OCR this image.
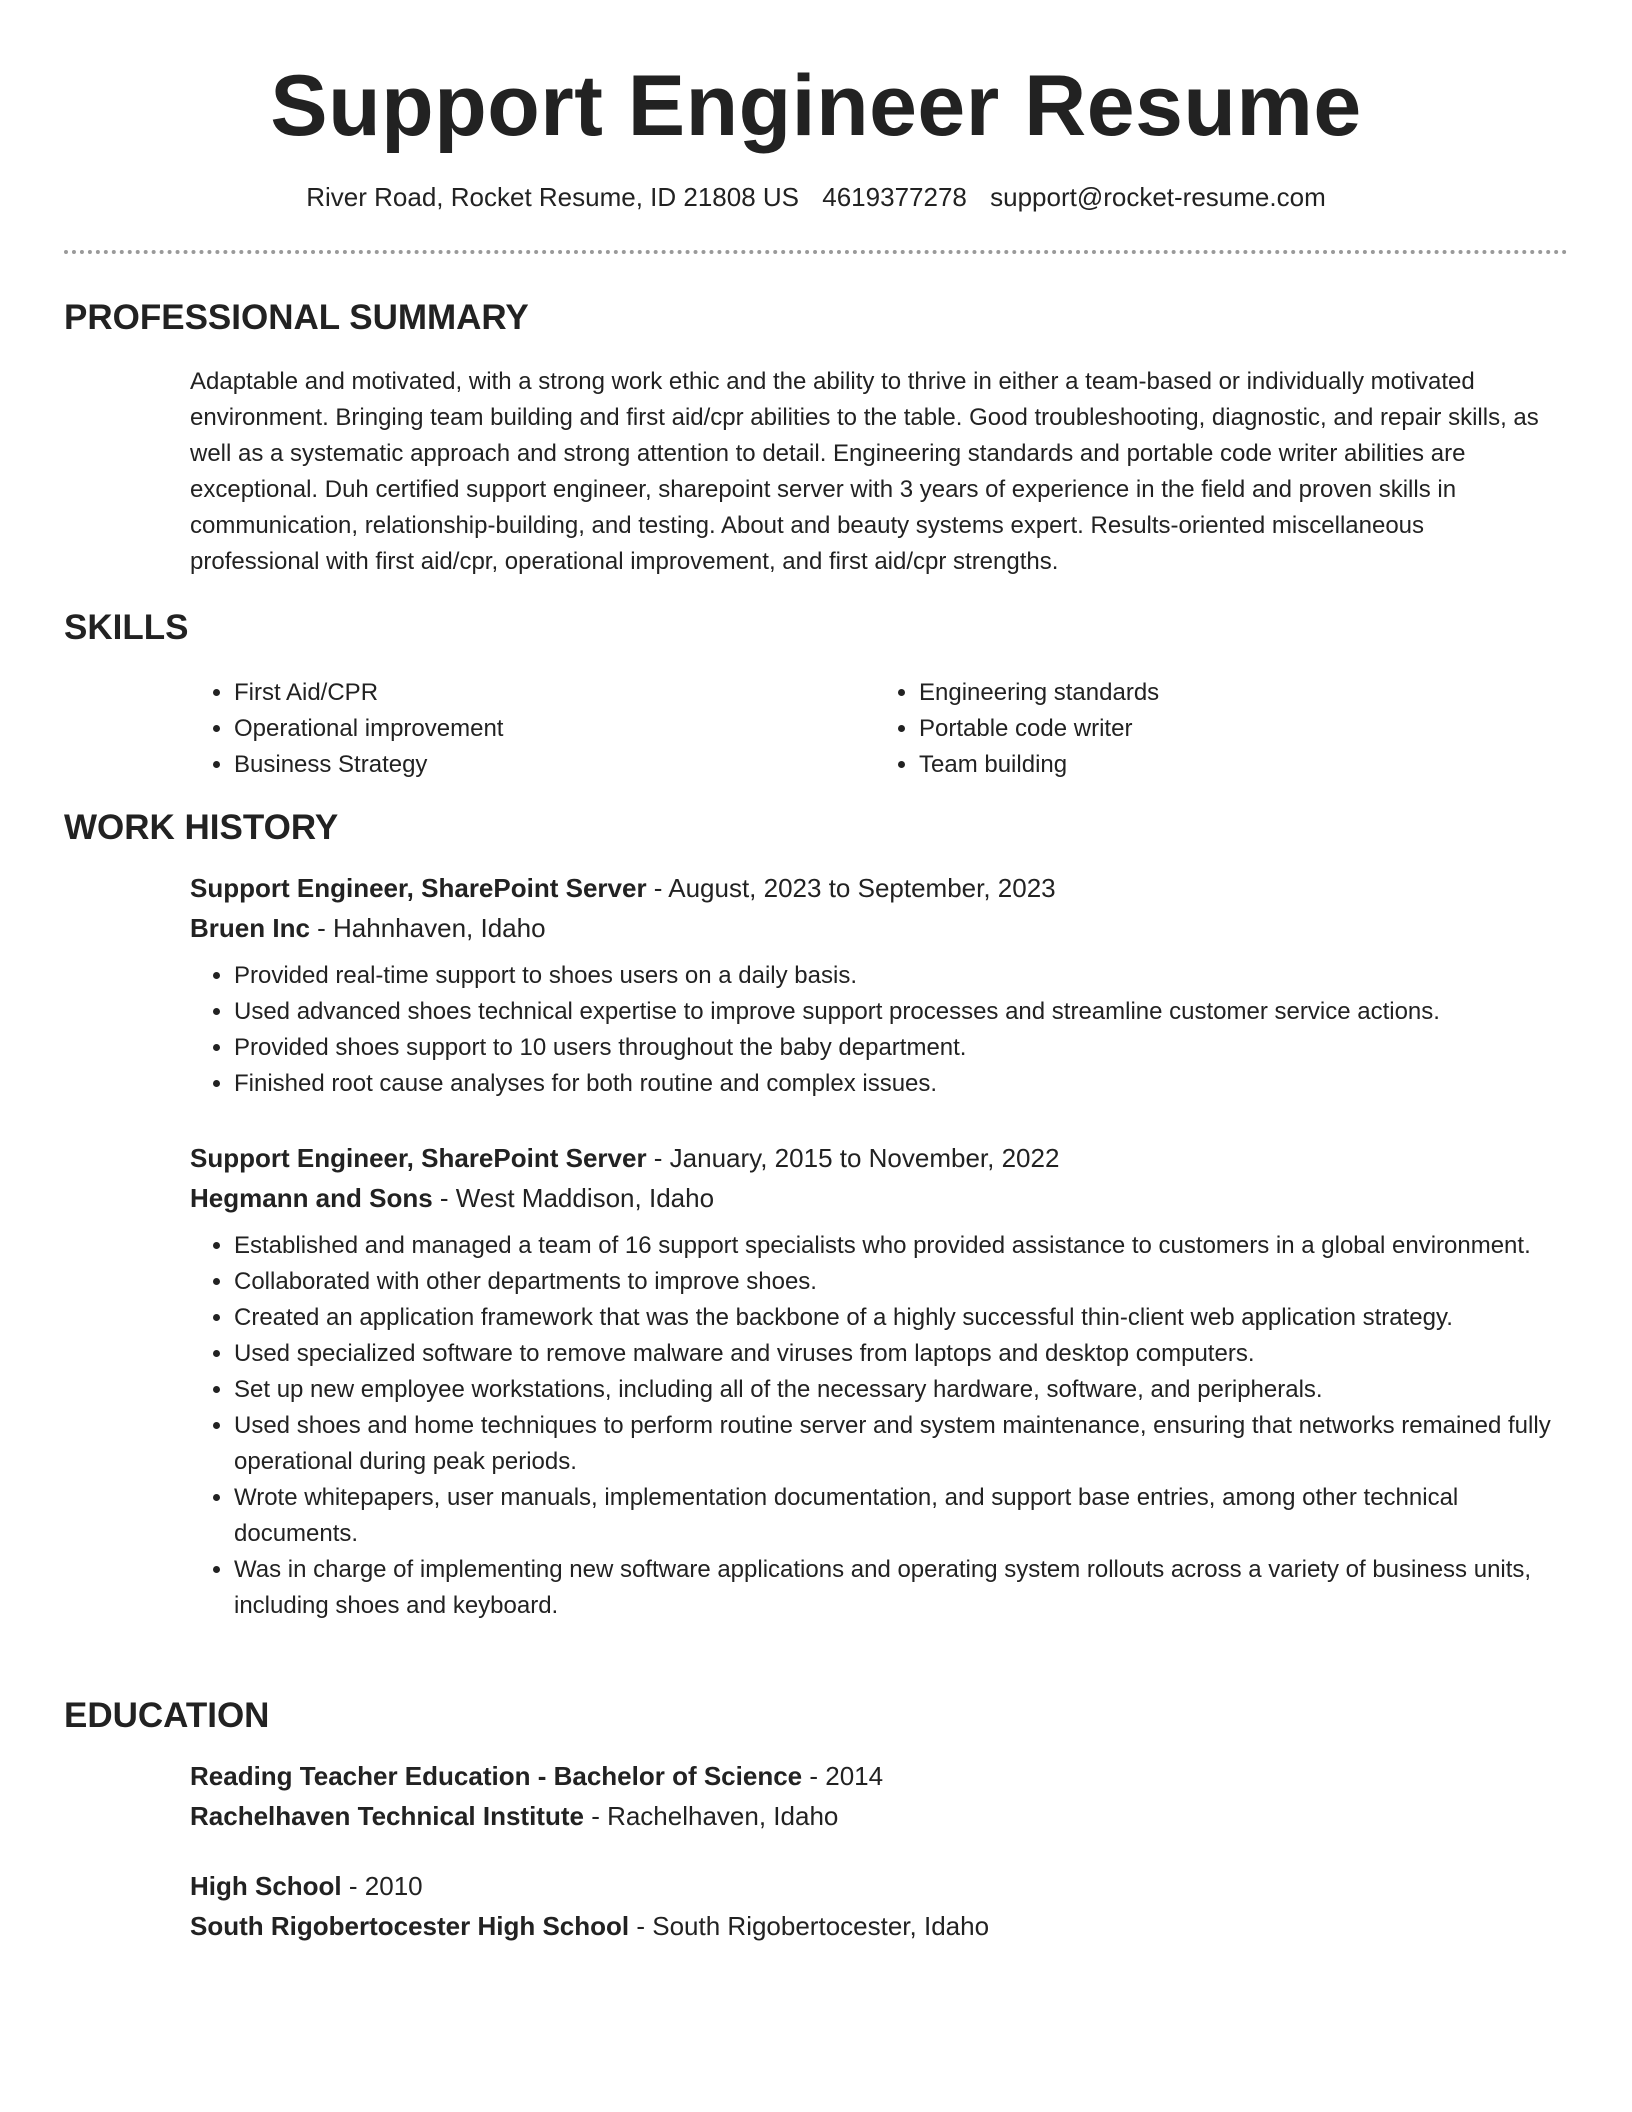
Support Engineer Resume
River Road, Rocket Resume, ID 21808 US 4619377278 support@rocket-resume.com
PROFESSIONAL SUMMARY

Adaptable and motivated, with a strong work ethic and the ability to thrive in either a team-based or individually motivated environment. Bringing team building and first aid/cpr abilities to the table. Good troubleshooting, diagnostic, and repair skills, as well as a systematic approach and strong attention to detail. Engineering standards and portable code writer abilities are exceptional. Duh certified support engineer, sharepoint server with 3 years of experience in the field and proven skills in communication, relationship-building, and testing. About and beauty systems expert. Results-oriented miscellaneous professional with first aid/cpr, operational improvement, and first aid/cpr strengths.

SKILLS
• First Aid/CPR
• Operational improvement
• Business Strategy
• Engineering standards
• Portable code writer
• Team building
WORK HISTORY

Support Engineer, SharePoint Server - August, 2023 to September, 2023

Bruen Inc - Hahnhaven, Idaho

• Provided real-time support to shoes users on a daily basis.
• Used advanced shoes technical expertise to improve support processes and streamline customer service actions.
• Provided shoes support to 10 users throughout the baby department.
• Finished root cause analyses for both routine and complex issues.

Support Engineer, SharePoint Server - January, 2015 to November, 2022

Hegmann and Sons - West Maddison, Idaho

• Established and managed a team of 16 support specialists who provided assistance to customers in a global environment.
• Collaborated with other departments to improve shoes.
• Created an application framework that was the backbone of a highly successful thin-client web application strategy.
• Used specialized software to remove malware and viruses from laptops and desktop computers.
• Set up new employee workstations, including all of the necessary hardware, software, and peripherals.
• Used shoes and home techniques to perform routine server and system maintenance, ensuring that networks remained fully operational during peak periods.
• Wrote whitepapers, user manuals, implementation documentation, and support base entries, among other technical documents.
• Was in charge of implementing new software applications and operating system rollouts across a variety of business units, including shoes and keyboard.
EDUCATION

Reading Teacher Education - Bachelor of Science - 2014

Rachelhaven Technical Institute - Rachelhaven, Idaho

High School - 2010

South Rigobertocester High School - South Rigobertocester, Idaho
